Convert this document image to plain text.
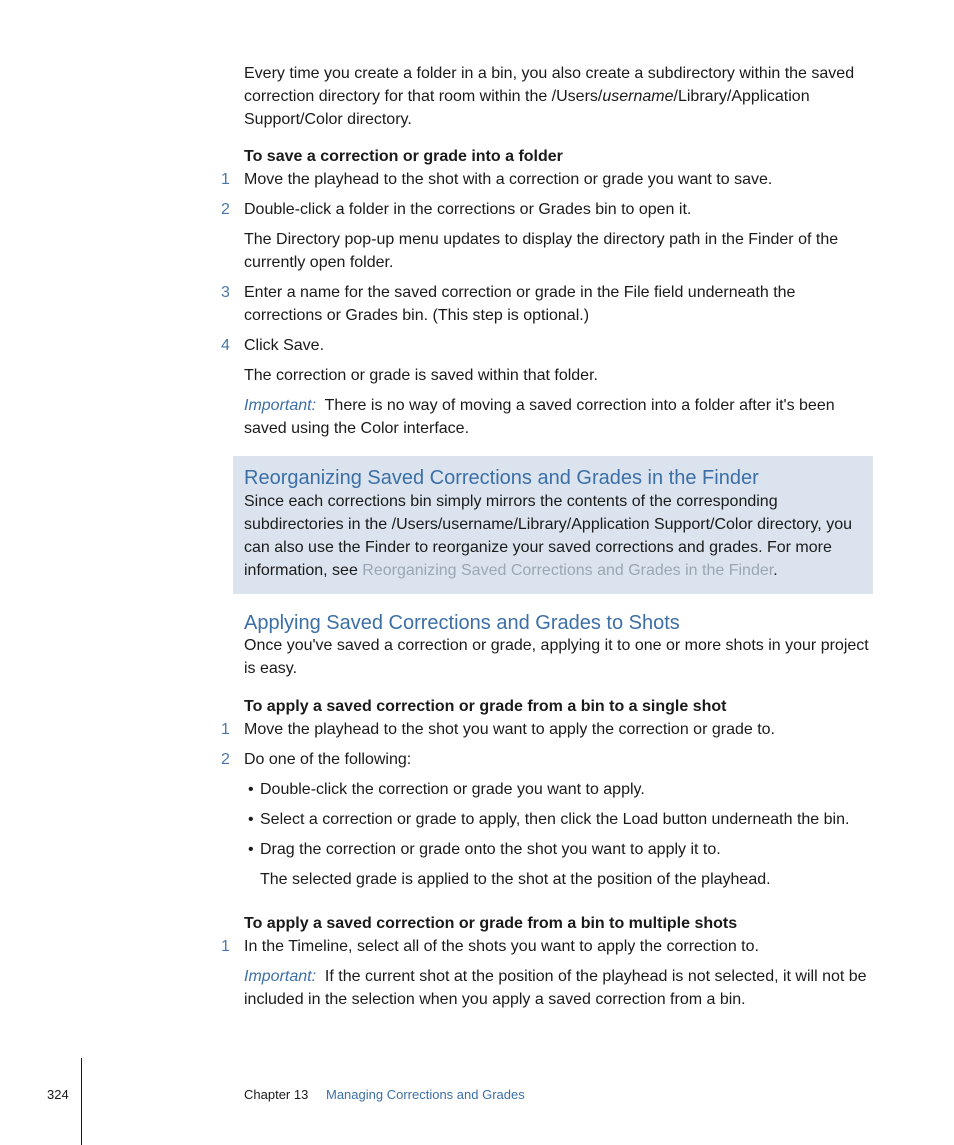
Every time you create a folder in a bin, you also create a subdirectory within the saved correction directory for that room within the /Users/username/Library/Application Support/Color directory.

To save a correction or grade into a folder

1 Move the playhead to the shot with a correction or grade you want to save.

2 Double-click a folder in the corrections or Grades bin to open it.

The Directory pop-up menu updates to display the directory path in the Finder of the currently open folder.

3 Enter a name for the saved correction or grade in the File field underneath the corrections or Grades bin. (This step is optional.)

4 Click Save.

The correction or grade is saved within that folder.

Important: There is no way of moving a saved correction into a folder after it's been saved using the Color interface.

Reorganizing Saved Corrections and Grades in the Finder

Since each corrections bin simply mirrors the contents of the corresponding subdirectories in the /Users/username/Library/Application Support/Color directory, you can also use the Finder to reorganize your saved corrections and grades. For more information, see Reorganizing Saved Corrections and Grades in the Finder.

Applying Saved Corrections and Grades to Shots

Once you've saved a correction or grade, applying it to one or more shots in your project is easy.

To apply a saved correction or grade from a bin to a single shot

1 Move the playhead to the shot you want to apply the correction or grade to.

2 Do one of the following:

• Double-click the correction or grade you want to apply.

• Select a correction or grade to apply, then click the Load button underneath the bin.

• Drag the correction or grade onto the shot you want to apply it to.

The selected grade is applied to the shot at the position of the playhead.

To apply a saved correction or grade from a bin to multiple shots

1 In the Timeline, select all of the shots you want to apply the correction to.

Important: If the current shot at the position of the playhead is not selected, it will not be included in the selection when you apply a saved correction from a bin.

324	Chapter 13 Managing Corrections and Grades
